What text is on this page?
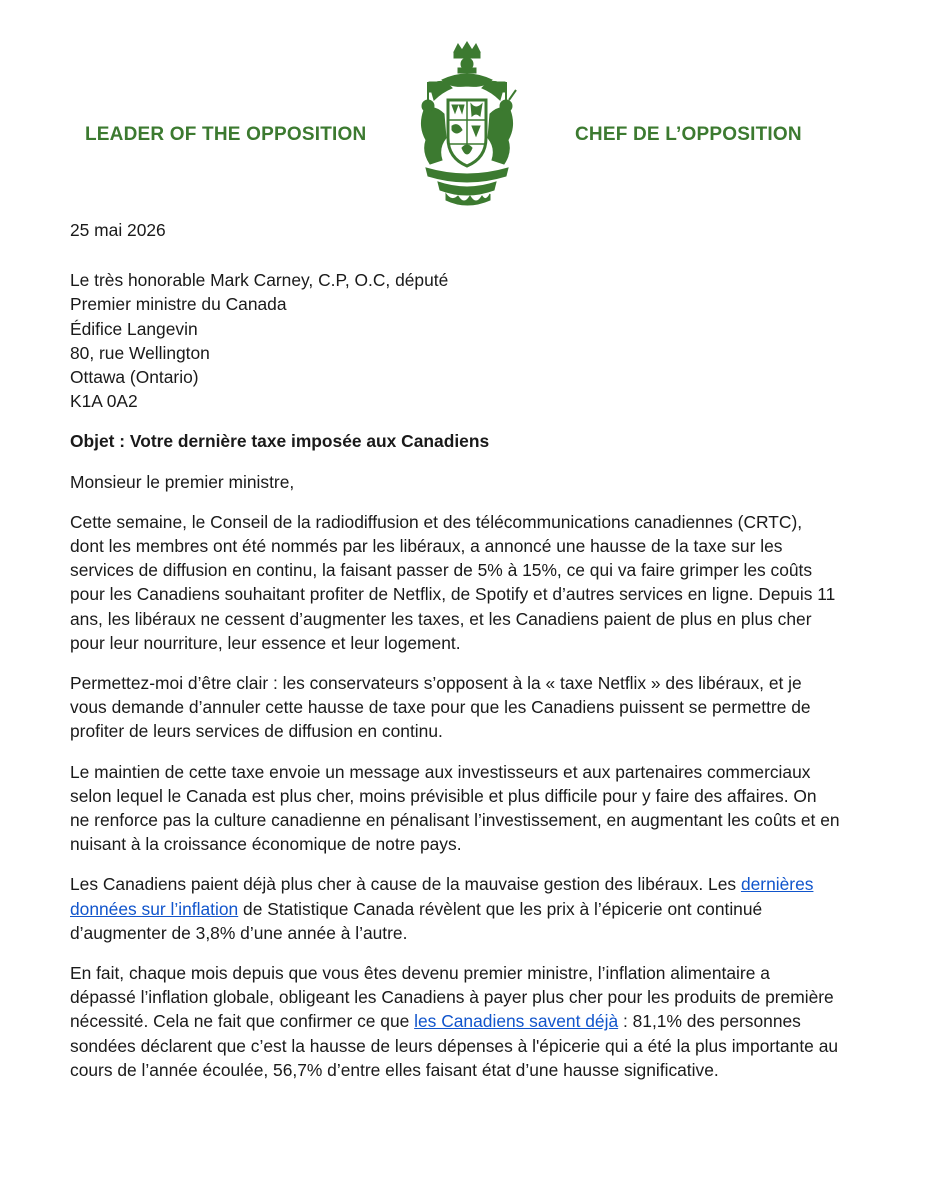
LEADER OF THE OPPOSITION	CHEF DE L’OPPOSITION

25 mai 2026

Le très honorable Mark Carney, C.P, O.C, député

Premier ministre du Canada

Édifice Langevin

80, rue Wellington

Ottawa (Ontario)

K1A 0A2

Objet : Votre dernière taxe imposée aux Canadiens

Monsieur le premier ministre,

Cette semaine, le Conseil de la radiodiffusion et des télécommunications canadiennes (CRTC), dont les membres ont été nommés par les libéraux, a annoncé une hausse de la taxe sur les services de diffusion en continu, la faisant passer de 5% à 15%, ce qui va faire grimper les coûts pour les Canadiens souhaitant profiter de Netflix, de Spotify et d’autres services en ligne. Depuis 11 ans, les libéraux ne cessent d’augmenter les taxes, et les Canadiens paient de plus en plus cher pour leur nourriture, leur essence et leur logement.

Permettez-moi d’être clair : les conservateurs s’opposent à la « taxe Netflix » des libéraux, et je vous demande d’annuler cette hausse de taxe pour que les Canadiens puissent se permettre de profiter de leurs services de diffusion en continu.

Le maintien de cette taxe envoie un message aux investisseurs et aux partenaires commerciaux selon lequel le Canada est plus cher, moins prévisible et plus difficile pour y faire des affaires. On ne renforce pas la culture canadienne en pénalisant l’investissement, en augmentant les coûts et en nuisant à la croissance économique de notre pays.

Les Canadiens paient déjà plus cher à cause de la mauvaise gestion des libéraux. Les dernières données sur l’inflation de Statistique Canada révèlent que les prix à l’épicerie ont continué d’augmenter de 3,8% d’une année à l’autre.

En fait, chaque mois depuis que vous êtes devenu premier ministre, l’inflation alimentaire a dépassé l’inflation globale, obligeant les Canadiens à payer plus cher pour les produits de première nécessité. Cela ne fait que confirmer ce que les Canadiens savent déjà : 81,1% des personnes sondées déclarent que c’est la hausse de leurs dépenses à l'épicerie qui a été la plus importante au cours de l’année écoulée, 56,7% d’entre elles faisant état d’une hausse significative.
